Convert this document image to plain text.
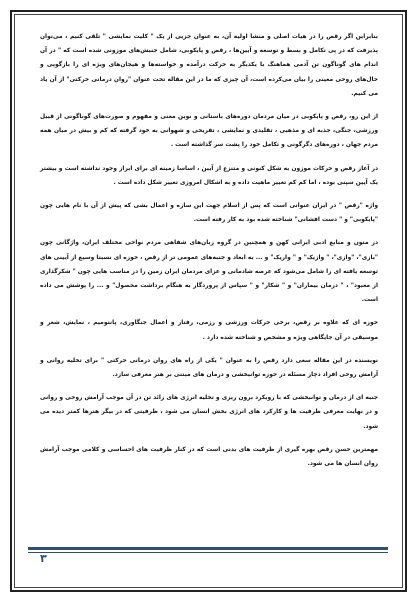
بنابراین اگر رقص را در هیات اصلی و منشا اولیه آن، به عنوان جزیی از یک " کلیت نمایشی " تلقی کنیم ، می‌توان پذیرفت که در پی تکامل و بسط و توسعه و آیین‌ها ، رقص و پایکوبی، شامل جنبش‌های موزونی شده است که " در آن اندام های گوناگون تن آدمی هماهنگ با یکدیگر به حرکت درآمده و خواسته‌ها و هیجان‌های ویژه ای را بازگویی و حال‌های روحی معینی را بیان می‌کرده است، آن چیزی که ما در این مقاله تحت عنوان "روان درمانی حرکتی" از آن یاد می کنیم.

از این رو، رقص و پایکوبی در میان مردمان دوره‌های باستانی و نوین معنی و مفهوم و صورت‌های گوناگونی از قبیل ورزشی، جنگی، جذبه ای و مذهبی ، تقلیدی و نمایشی ، تفریحی و شهوانی به خود گرفته که کم و بیش در میان همه مردم جهان ، دوره‌های دگرگونی و تکامل خود را پشت سر گذاشته است .

در آغاز رقص و حرکات موزون به شکل کنونی و متنزع از آیین ، اساسا زمینه ای برای ابراز وجود نداشته است و بیشتر یک آیین سپنی بوده ، اما کم کم تغییر ماهیت داده و به اشکال امروزی تغییر شکل داده است .

واژه "رقص " در ایران عنوانی است که پس از اسلام جهت این سازه و اعمال بشی که پیش از آن با نام هایی چون "پایکوبی" و " دست افشانی" شناخته شده بود به کار رفته است.

در متون و منابع ادبی ایرانی کهن و همچنین در گروه زبان‌های شفاهی مردم نواحی مختلف ایران، واژگانی چون "بازی"، "وازی"، " وازیک" و " واریک" و ... به ابعاد و جنبه‌های عمومی تر از رقص ، حوزه ای نسبتا وسیع از آیینی های توسعه یافته ای را شامل می‌شود که عرصه شادمانی و عزای مردمان ایران زمین را در مناسب هایی چون " شکرگذاری از معبود" ، " درمان بیماران" و " شکار" و " سپاس از پروردگار به هنگام برداشت محصول" و ... را پوشش می داده است.

حوزه ای که علاوه بر رقص، برخی حرکات ورزشی و رزمی، رفتار و اعمال جنگاوری، پانتومیم ، نمایش، شعر و موسیقی در آن جایگاهی ویژه و مشخص و شناخته شده دارد .

نویسنده در این مقاله سعی دارد رقص را به عنوان " یکی از راه های روان درمانی حرکتی " برای تخلیه روانی و آرامش روحی افراد دچار مسئله در حوزه توانبخشی و درمان های مبتنی بر هنر معرفی سازد.

جنبه ای از درمان و توانبخشی که با رویکرد برون ریزی و تخلیه انرژی های زائد تن در آن موجب آرامش روحی و روانی و در نهایت معرفی ظرفیت ها و کارکرد های انرژی بخش انسان می شود ، ظرفیتی که در بیگر هنرها کمتر دیده می شود.

مهمترین حسن رقص بهره گیری از ظرفیت های بدنی است که در کنار ظرفیت های احساسی و کلامی موجب آرامش روان انسان ها می شود.

۳
